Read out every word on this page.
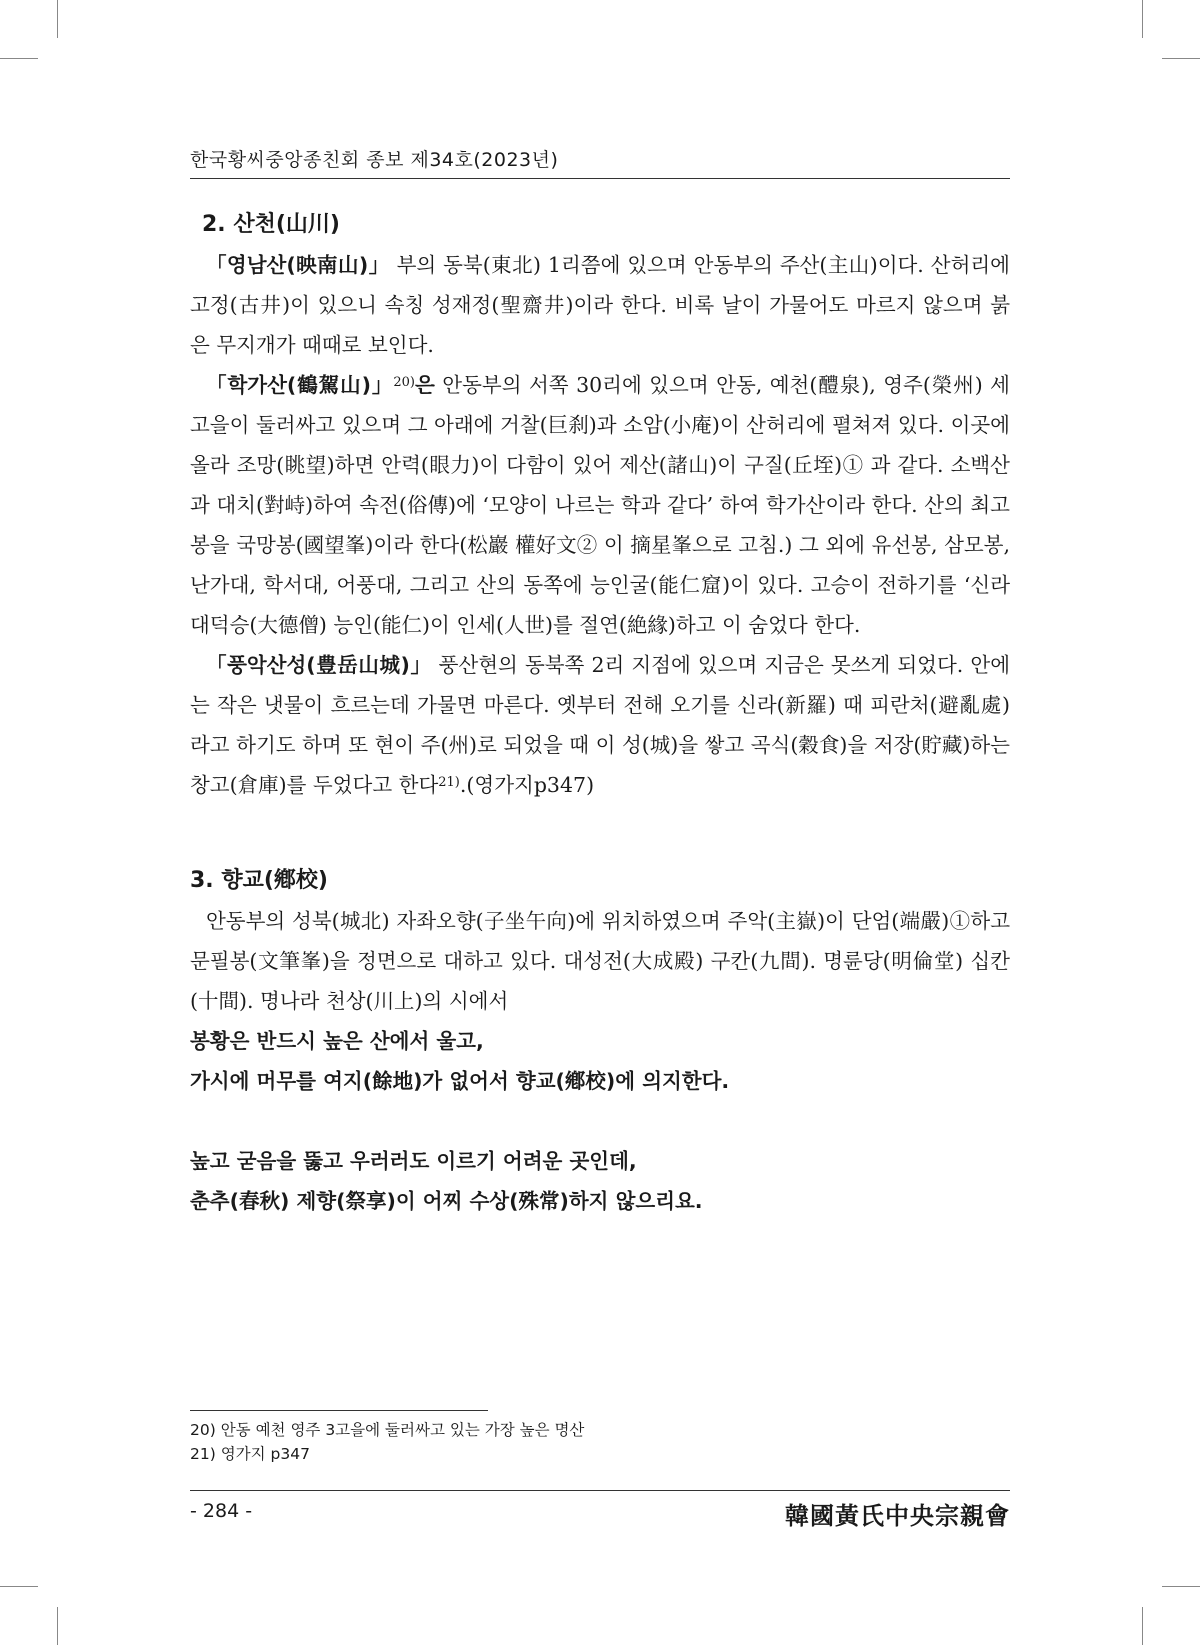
한국황씨중앙종친회 종보 제34호(2023년)
2. 산천(山川)

「영남산(映南山)」 부의 동북(東北) 1리쯤에 있으며 안동부의 주산(主山)이다. 산허리에 고정(古井)이 있으니 속칭 성재정(聖齋井)이라 한다. 비록 날이 가물어도 마르지 않으며 붉은 무지개가 때때로 보인다.

「학가산(鶴駕山)」$^{20)}$은 안동부의 서쪽 30리에 있으며 안동, 예천(醴泉), 영주(榮州) 세 고을이 둘러싸고 있으며 그 아래에 거찰(巨刹)과 소암(小庵)이 산허리에 펼쳐져 있다. 이곳에 올라 조망(眺望)하면 안력(眼力)이 다함이 있어 제산(諸山)이 구질(丘垤)① 과 같다. 소백산과 대치(對峙)하여 속전(俗傳)에 ‘모양이 나르는 학과 같다’ 하여 학가산이라 한다. 산의 최고봉을 국망봉(國望峯)이라 한다(松巖 權好文② 이 摘星峯으로 고침.) 그 외에 유선봉, 삼모봉, 난가대, 학서대, 어풍대, 그리고 산의 동쪽에 능인굴(能仁窟)이 있다. 고승이 전하기를 ‘신라 대덕승(大德僧) 능인(能仁)이 인세(人世)를 절연(絶緣)하고 이 숨었다 한다.

「풍악산성(豊岳山城)」 풍산현의 동북쪽 2리 지점에 있으며 지금은 못쓰게 되었다. 안에는 작은 냇물이 흐르는데 가물면 마른다. 옛부터 전해 오기를 신라(新羅) 때 피란처(避亂處)라고 하기도 하며 또 현이 주(州)로 되었을 때 이 성(城)을 쌓고 곡식(穀食)을 저장(貯藏)하는 창고(倉庫)를 두었다고 한다$^{21)}$.(영가지p347)

3. 향교(鄕校)

안동부의 성북(城北) 자좌오향(子坐午向)에 위치하였으며 주악(主嶽)이 단엄(端嚴)①하고 문필봉(文筆峯)을 정면으로 대하고 있다. 대성전(大成殿) 구칸(九間). 명륜당(明倫堂) 십칸(十間). 명나라 천상(川上)의 시에서

봉황은 반드시 높은 산에서 울고,
가시에 머무를 여지(餘地)가 없어서 향교(鄕校)에 의지한다.
높고 굳음을 뚫고 우러러도 이르기 어려운 곳인데,
춘추(春秋) 제향(祭享)이 어찌 수상(殊常)하지 않으리요.
20) 안동 예천 영주 3고을에 둘러싸고 있는 가장 높은 명산
21) 영가지 p347
- 284 -	韓國黃氏中央宗親會
